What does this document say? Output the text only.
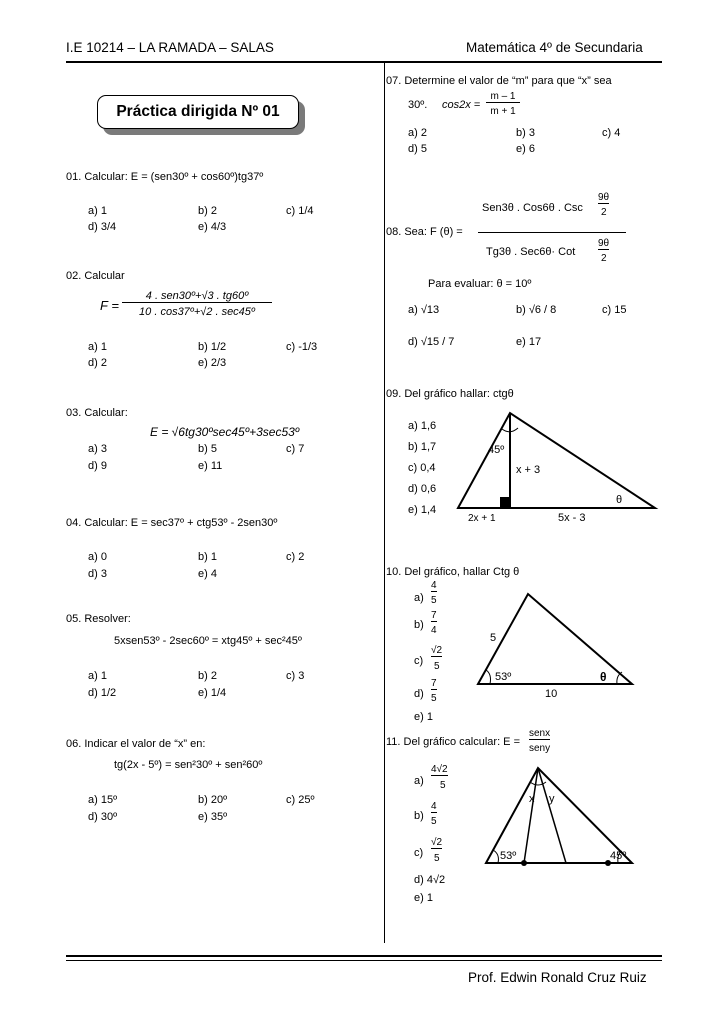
I.E 10214 – LA RAMADA – SALAS	Matemática 4º de Secundaria
Práctica dirigida Nº 01
01. Calcular: E = (sen30º + cos60º)tg37º
a) 1	b) 2	c) 1/4
d) 3/4	e) 4/3
02. Calcular
F =
4 . sen30º+√3 . tg60º
10 . cos37º+√2 . sec45º
a) 1	b) 1/2	c) -1/3
d) 2	e) 2/3
03. Calcular:
E = √6tg30ºsec45º+3sec53º
a) 3	b) 5	c) 7
d) 9	e) 11
04. Calcular: E = sec37º + ctg53º - 2sen30º
a) 0	b) 1	c) 2
d) 3	e) 4
05. Resolver:
5xsen53º - 2sec60º = xtg45º + sec²45º
a) 1	b) 2	c) 3
d) 1/2	e) 1/4
06. Indicar el valor de “x” en:
tg(2x - 5º) = sen²30º + sen²60º
a) 15º	b) 20º	c) 25º
d) 30º	e) 35º
07. Determine el valor de “m” para que “x” sea
30º. cos2x =
m – 1
m + 1
a) 2	b) 3	c) 4
d) 5	e) 6
08. Sea: F (θ) =
Sen3θ . Cos6θ . Csc
9θ
2
Tg3θ . Sec6θ· Cot
9θ
2
Para evaluar: θ = 10º
a) √13	b) √6 / 8	c) 15
d) √15 / 7	e) 17
09. Del gráfico hallar: ctgθ
a) 1,6
b) 1,7
c) 0,4
d) 0,6
e) 1,4
45º
x + 3
θ
2x + 1	5x - 3
10. Del gráfico, hallar Ctg θ
a)
4
5
b)
7
4
c)
√2
5
d)
7
5
e) 1
5
53º	θ
10
11. Del gráfico calcular: E =
senx
seny
a)
4√2
5
b)
4
5
c)
√2
5
d) 4√2
e) 1
x y
53º	45º
Prof. Edwin Ronald Cruz Ruiz
